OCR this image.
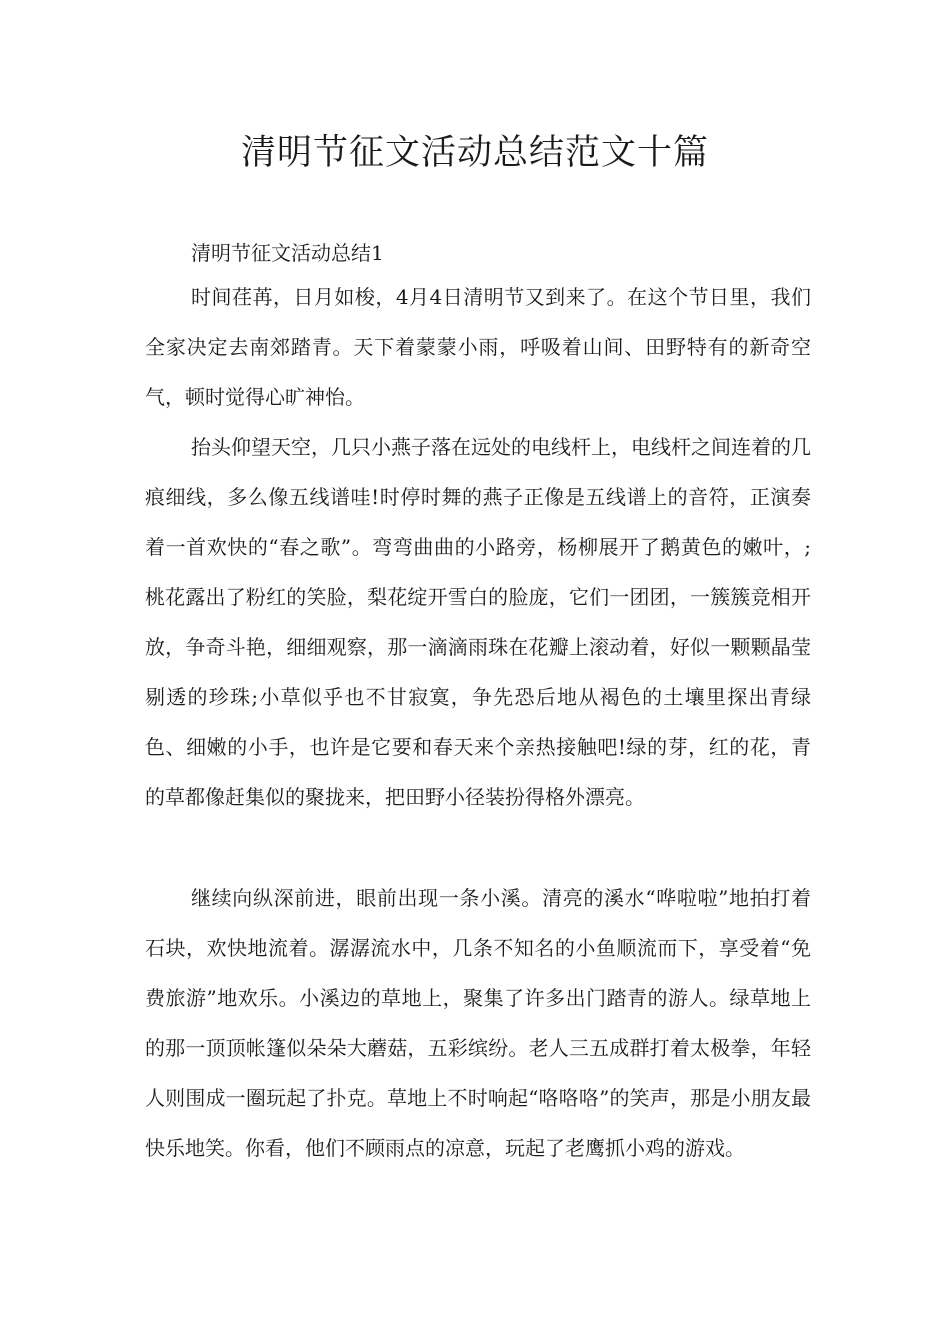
清明节征文活动总结范文十篇

清明节征文活动总结1

时间荏苒，日月如梭，4月4日清明节又到来了。在这个节日里，我们全家决定去南郊踏青。天下着蒙蒙小雨，呼吸着山间、田野特有的新奇空气，顿时觉得心旷神怡。

抬头仰望天空，几只小燕子落在远处的电线杆上，电线杆之间连着的几痕细线，多么像五线谱哇!时停时舞的燕子正像是五线谱上的音符，正演奏着一首欢快的“春之歌”。弯弯曲曲的小路旁，杨柳展开了鹅黄色的嫩叶，;桃花露出了粉红的笑脸，梨花绽开雪白的脸庞，它们一团团，一簇簇竞相开放，争奇斗艳，细细观察，那一滴滴雨珠在花瓣上滚动着，好似一颗颗晶莹剔透的珍珠;小草似乎也不甘寂寞，争先恐后地从褐色的土壤里探出青绿色、细嫩的小手，也许是它要和春天来个亲热接触吧!绿的芽，红的花，青的草都像赶集似的聚拢来，把田野小径装扮得格外漂亮。

继续向纵深前进，眼前出现一条小溪。清亮的溪水“哗啦啦”地拍打着石块，欢快地流着。潺潺流水中，几条不知名的小鱼顺流而下，享受着“免费旅游”地欢乐。小溪边的草地上，聚集了许多出门踏青的游人。绿草地上的那一顶顶帐篷似朵朵大蘑菇，五彩缤纷。老人三五成群打着太极拳，年轻人则围成一圈玩起了扑克。草地上不时响起“咯咯咯”的笑声，那是小朋友最快乐地笑。你看，他们不顾雨点的凉意，玩起了老鹰抓小鸡的游戏。
